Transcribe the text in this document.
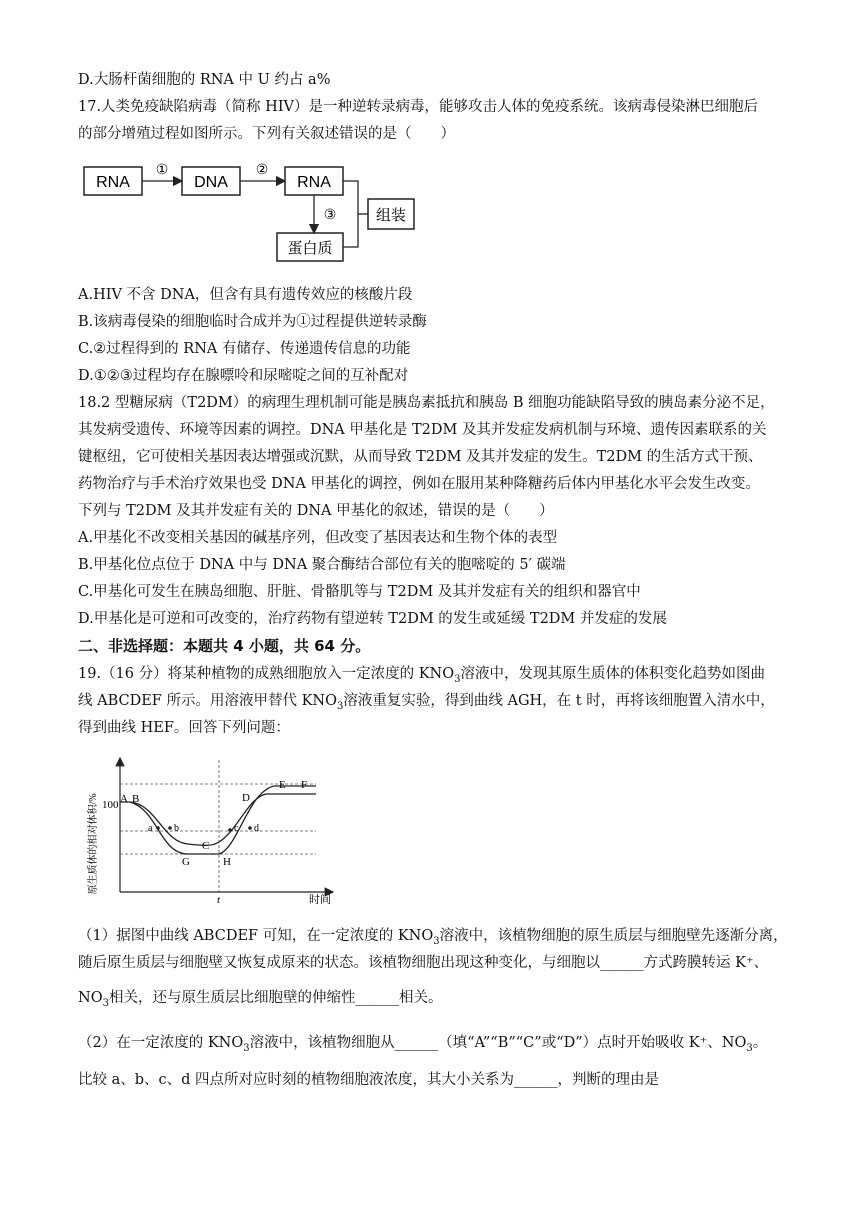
D.大肠杆菌细胞的 RNA 中 U 约占 a%
17.人类免疫缺陷病毒（简称 HIV）是一种逆转录病毒，能够攻击人体的免疫系统。该病毒侵染淋巴细胞后
的部分增殖过程如图所示。下列有关叙述错误的是（　　）
RNA
①
DNA
②
RNA
③
蛋白质
组装
A.HIV 不含 DNA，但含有具有遗传效应的核酸片段
B.该病毒侵染的细胞临时合成并为①过程提供逆转录酶
C.②过程得到的 RNA 有储存、传递遗传信息的功能
D.①②③过程均存在腺嘌呤和尿嘧啶之间的互补配对
18.2 型糖尿病（T2DM）的病理生理机制可能是胰岛素抵抗和胰岛 B 细胞功能缺陷导致的胰岛素分泌不足，
其发病受遗传、环境等因素的调控。DNA 甲基化是 T2DM 及其并发症发病机制与环境、遗传因素联系的关
键枢纽，它可使相关基因表达增强或沉默，从而导致 T2DM 及其并发症的发生。T2DM 的生活方式干预、
药物治疗与手术治疗效果也受 DNA 甲基化的调控，例如在服用某种降糖药后体内甲基化水平会发生改变。
下列与 T2DM 及其并发症有关的 DNA 甲基化的叙述，错误的是（　　）
A.甲基化不改变相关基因的碱基序列，但改变了基因表达和生物个体的表型
B.甲基化位点位于 DNA 中与 DNA 聚合酶结合部位有关的胞嘧啶的 5′ 碳端
C.甲基化可发生在胰岛细胞、肝脏、骨骼肌等与 T2DM 及其并发症有关的组织和器官中
D.甲基化是可逆和可改变的，治疗药物有望逆转 T2DM 的发生或延缓 T2DM 并发症的发展
二、非选择题：本题共 4 小题，共 64 分。
19.（16 分）将某种植物的成熟细胞放入一定浓度的 $KNO_3$溶液中，发现其原生质体的体积变化趋势如图曲
线 ABCDEF 所示。用溶液甲替代 $KNO_3$溶液重复实验，得到曲线 AGH，在 t 时，再将该细胞置入清水中，
得到曲线 HEF。回答下列问题：
原生质体的相对体积/%
时间
100
t
A B
a b
C
G	H
c d
D
E F
（1）据图中曲线 ABCDEF 可知，在一定浓度的 $KNO_3$溶液中，该植物细胞的原生质层与细胞壁先逐渐分离，
随后原生质层与细胞壁又恢复成原来的状态。该植物细胞出现这种变化，与细胞以______方式跨膜转运 K⁺、
$NO_3$相关，还与原生质层比细胞壁的伸缩性______相关。
（2）在一定浓度的 $KNO_3$溶液中，该植物细胞从______（填“A”“B”“C”或“D”）点时开始吸收 K⁺、$NO_3$。
比较 a、b、c、d 四点所对应时刻的植物细胞液浓度，其大小关系为______，判断的理由是
